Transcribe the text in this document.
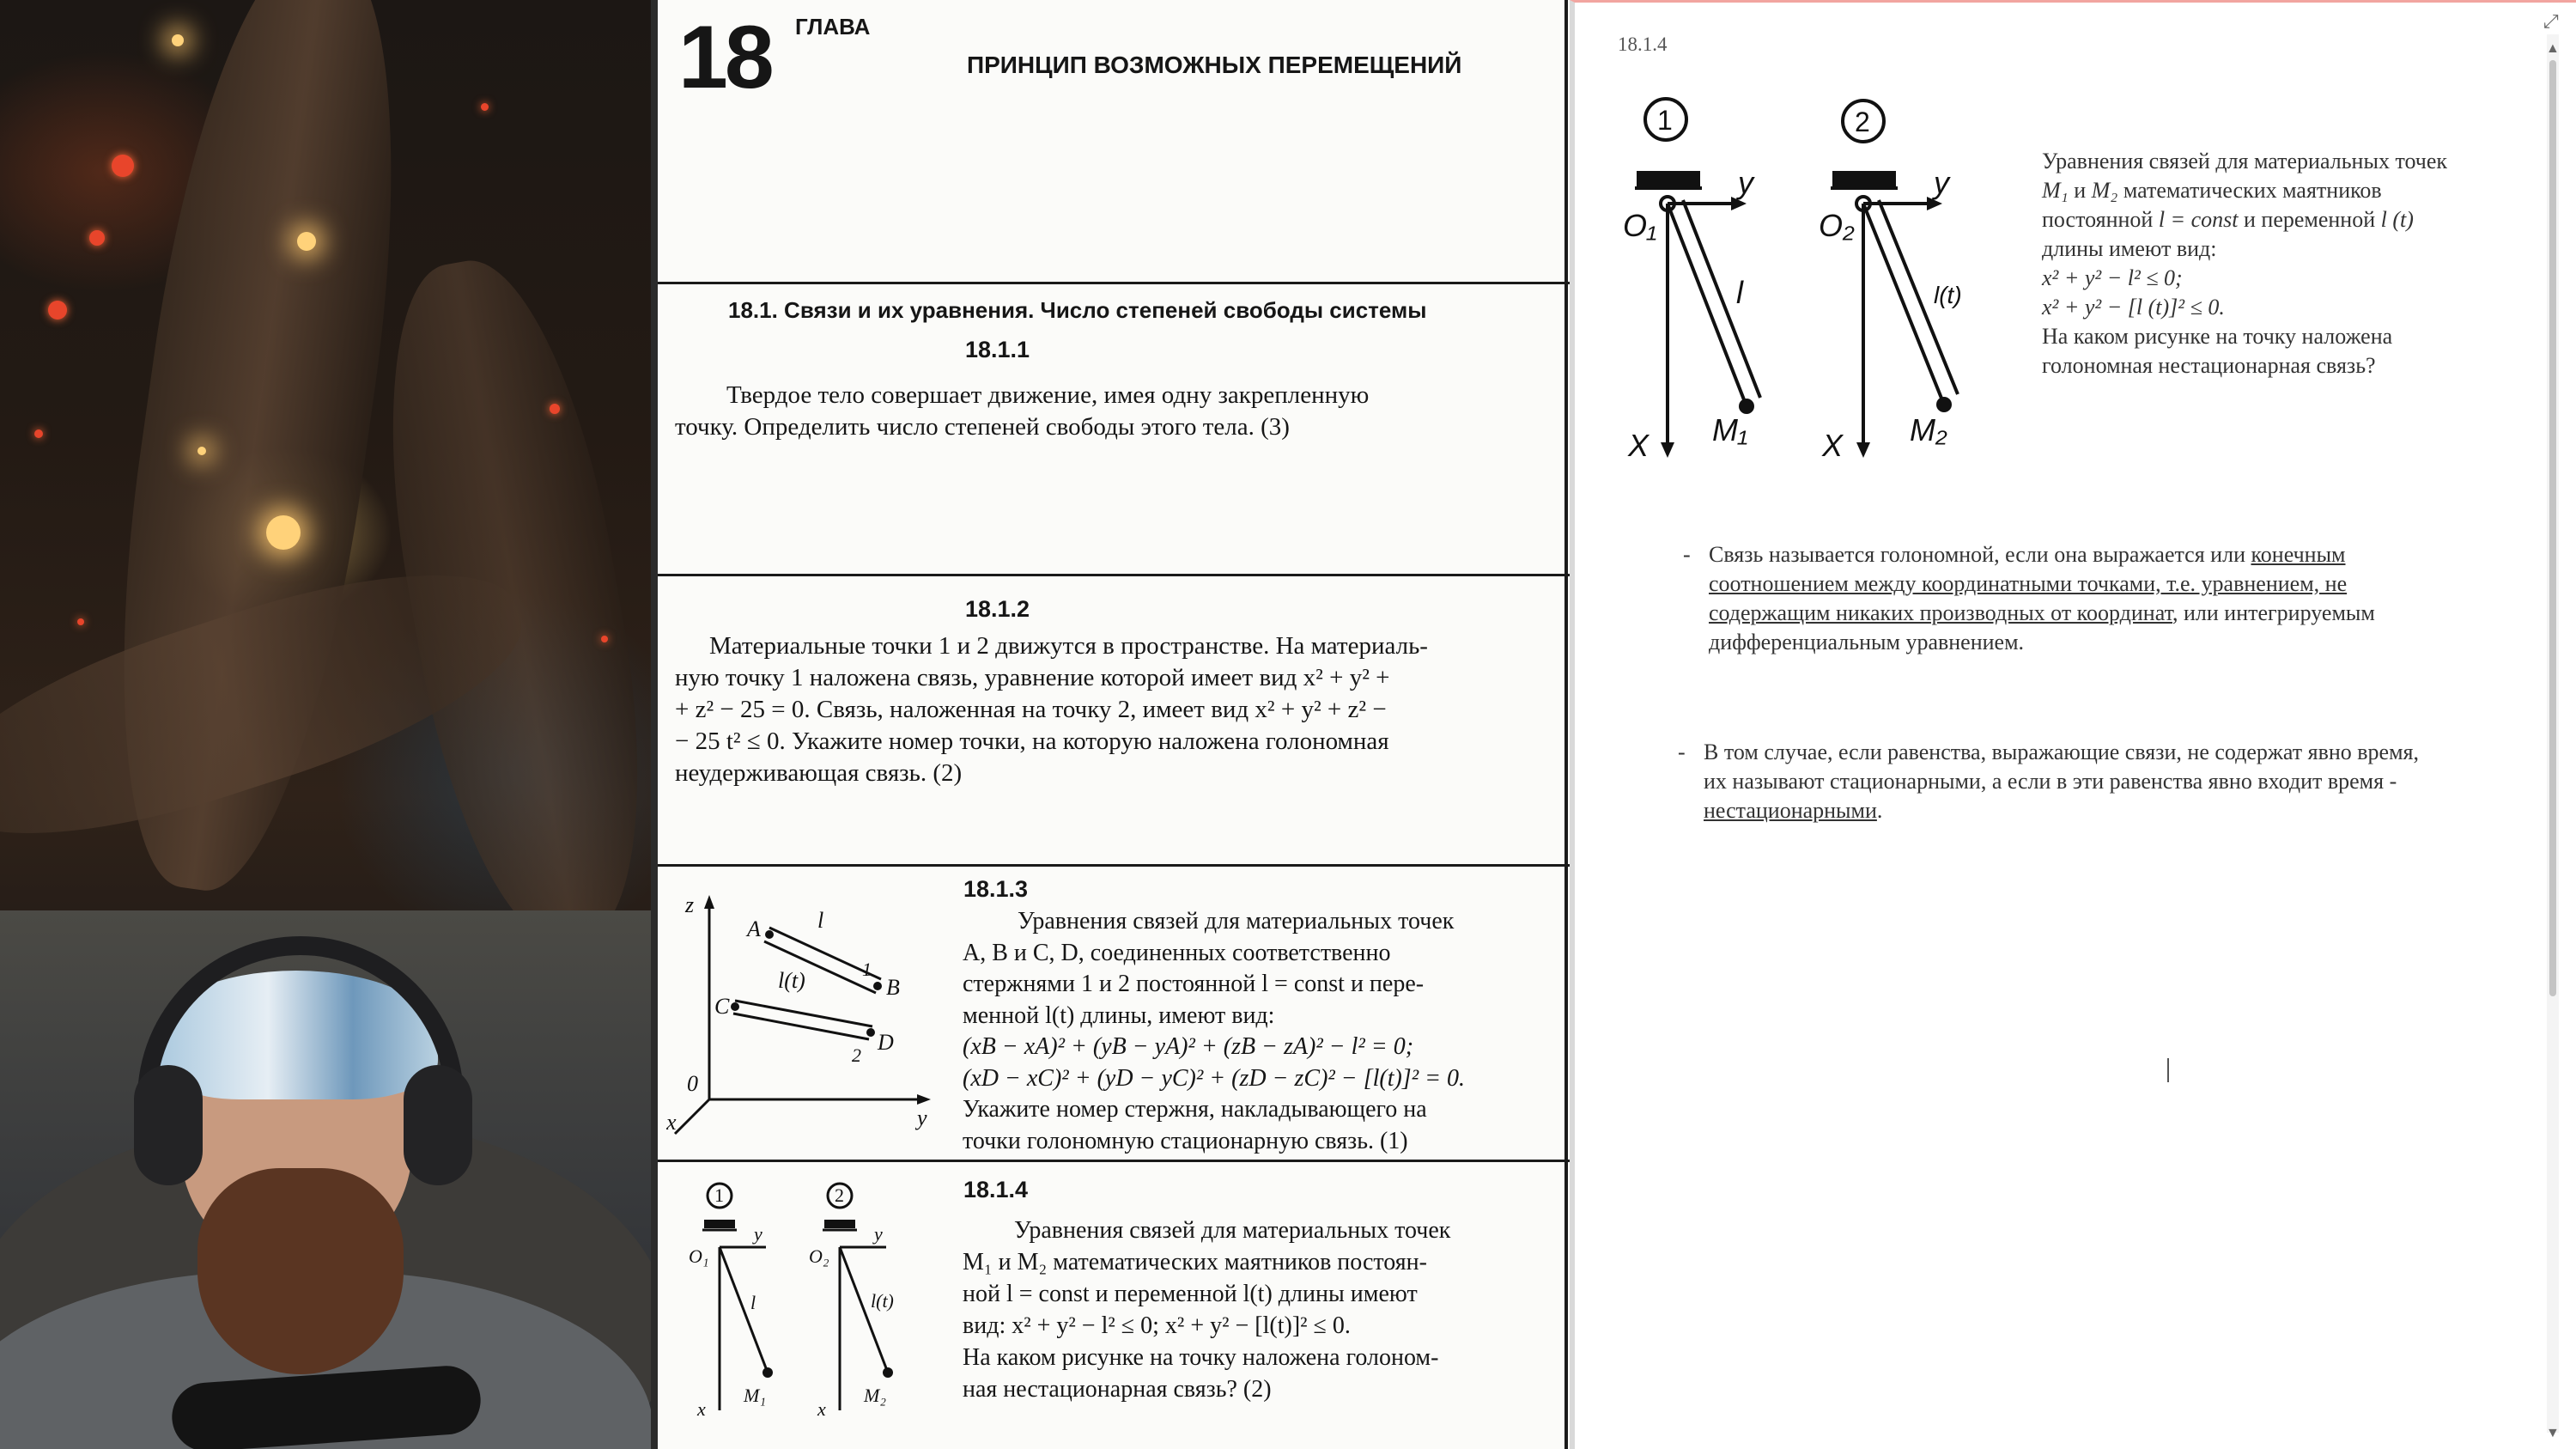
18 ГЛАВА
ПРИНЦИП ВОЗМОЖНЫХ ПЕРЕМЕЩЕНИЙ
18.1. Связи и их уравнения. Число степеней свободы системы
18.1.1
Твердое тело совершает движение, имея одну закрепленную
точку. Определить число степеней свободы этого тела. (3)
18.1.2
Материальные точки 1 и 2 движутся в пространстве. На материаль-
ную точку 1 наложена связь, уравнение которой имеет вид x² + y² +
+ z² − 25 = 0. Связь, наложенная на точку 2, имеет вид x² + y² + z² −
− 25 t² ≤ 0. Укажите номер точки, на которую наложена голономная
неудерживающая связь. (2)
z
y
x
0
A
B
C
D
l
l(t)	1
2
18.1.3
Уравнения связей для материальных точек
A, B и C, D, соединенных соответственно
стержнями 1 и 2 постоянной l = const и пере-
менной l(t) длины, имеют вид:
(xB − xA)² + (yB − yA)² + (zB − zA)² − l² = 0;
(xD − xC)² + (yD − yC)² + (zD − zC)² − [l(t)]² = 0.
Укажите номер стержня, накладывающего на
точки голономную стационарную связь. (1)
1	2
O₁	O₂
y	y
x	x
M₁	M₂
l	l(t)
18.1.4
Уравнения связей для материальных точек
M₁ и M₂ математических маятников постоян-
ной l = const и переменной l(t) длины имеют
вид: x² + y² − l² ≤ 0; x² + y² − [l(t)]² ≤ 0.
На каком рисунке на точку наложена голоном-
ная нестационарная связь? (2)
18.1.4
1	2
O₁	O₂
y	y
X	X
M₁	M₂
l	l(t)
Уравнения связей для материальных точек
M₁ и M₂ математических маятников
постоянной l = const и переменной l (t)
длины имеют вид:
x² + y² − l² ≤ 0;
x² + y² − [l (t)]² ≤ 0.
На каком рисунке на точку наложена
голономная нестационарная связь?
- Связь называется голономной, если она выражается или конечным соотношением между координатными точками, т.е. уравнением, не содержащим никаких производных от координат, или интегрируемым дифференциальным уравнением.
- В том случае, если равенства, выражающие связи, не содержат явно время, их называют стационарными, а если в эти равенства явно входит время - нестационарными.
⤢
▲
▼
